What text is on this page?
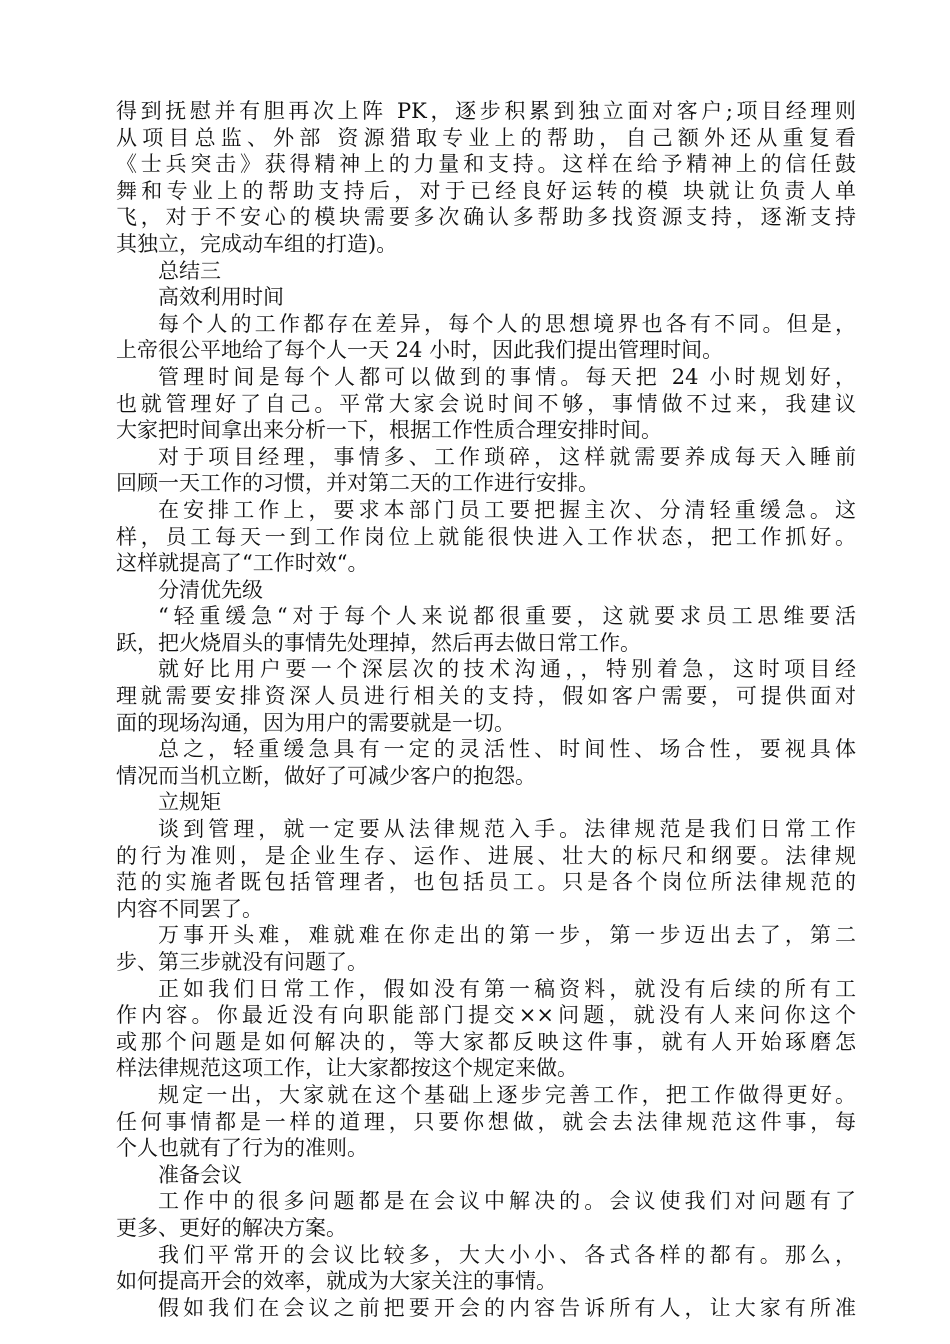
得到抚慰并有胆再次上阵 PK，逐步积累到独立面对客户;项目经理则
从项目总监、外部 资源猎取专业上的帮助，自己额外还从重复看
《士兵突击》获得精神上的力量和支持。这样在给予精神上的信任鼓
舞和专业上的帮助支持后，对于已经良好运转的模 块就让负责人单
飞，对于不安心的模块需要多次确认多帮助多找资源支持，逐渐支持
其独立，完成动车组的打造)。
总结三
高效利用时间
每个人的工作都存在差异，每个人的思想境界也各有不同。但是，
上帝很公平地给了每个人一天 24 小时，因此我们提出管理时间。
管理时间是每个人都可以做到的事情。每天把 24 小时规划好，
也就管理好了自己。平常大家会说时间不够，事情做不过来，我建议
大家把时间拿出来分析一下，根据工作性质合理安排时间。
对于项目经理，事情多、工作琐碎，这样就需要养成每天入睡前
回顾一天工作的习惯，并对第二天的工作进行安排。
在安排工作上，要求本部门员工要把握主次、分清轻重缓急。这
样，员工每天一到工作岗位上就能很快进入工作状态，把工作抓好。
这样就提高了“工作时效“。
分清优先级
“轻重缓急“对于每个人来说都很重要，这就要求员工思维要活
跃，把火烧眉头的事情先处理掉，然后再去做日常工作。
就好比用户要一个深层次的技术沟通，，特别着急，这时项目经
理就需要安排资深人员进行相关的支持，假如客户需要，可提供面对
面的现场沟通，因为用户的需要就是一切。
总之，轻重缓急具有一定的灵活性、时间性、场合性，要视具体
情况而当机立断，做好了可减少客户的抱怨。
立规矩
谈到管理，就一定要从法律规范入手。法律规范是我们日常工作
的行为准则，是企业生存、运作、进展、壮大的标尺和纲要。法律规
范的实施者既包括管理者，也包括员工。只是各个岗位所法律规范的
内容不同罢了。
万事开头难，难就难在你走出的第一步，第一步迈出去了，第二
步、第三步就没有问题了。
正如我们日常工作，假如没有第一稿资料，就没有后续的所有工
作内容。你最近没有向职能部门提交××问题，就没有人来问你这个
或那个问题是如何解决的，等大家都反映这件事，就有人开始琢磨怎
样法律规范这项工作，让大家都按这个规定来做。
规定一出，大家就在这个基础上逐步完善工作，把工作做得更好。
任何事情都是一样的道理，只要你想做，就会去法律规范这件事，每
个人也就有了行为的准则。
准备会议
工作中的很多问题都是在会议中解决的。会议使我们对问题有了
更多、更好的解决方案。
我们平常开的会议比较多，大大小小、各式各样的都有。那么，
如何提高开会的效率，就成为大家关注的事情。
假如我们在会议之前把要开会的内容告诉所有人，让大家有所准
